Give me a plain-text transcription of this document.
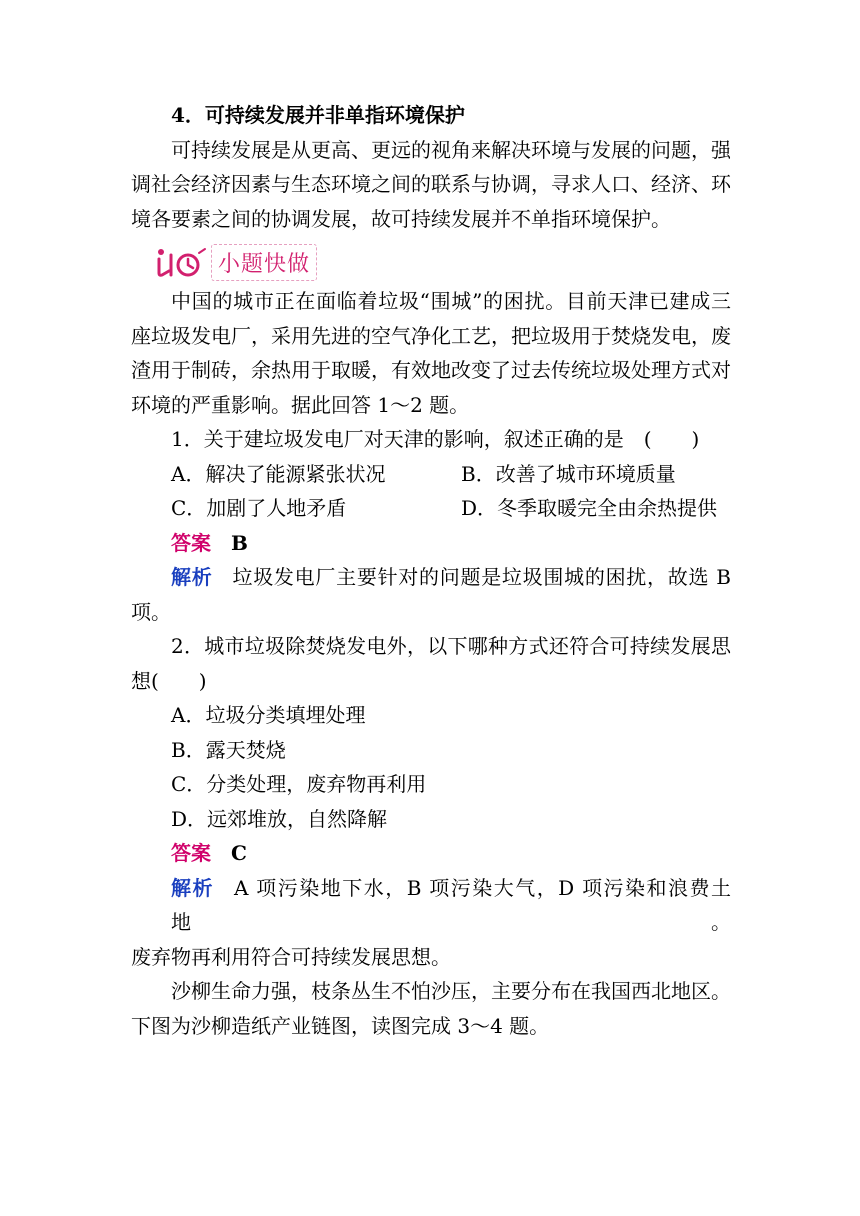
4．可持续发展并非单指环境保护

可持续发展是从更高、更远的视角来解决环境与发展的问题，强

调社会经济因素与生态环境之间的联系与协调，寻求人口、经济、环

境各要素之间的协调发展，故可持续发展并不单指环境保护。

小题快做

中国的城市正在面临着垃圾“围城”的困扰。目前天津已建成三

座垃圾发电厂，采用先进的空气净化工艺，把垃圾用于焚烧发电，废

渣用于制砖，余热用于取暖，有效地改变了过去传统垃圾处理方式对

环境的严重影响。据此回答 1～2 题。

1．关于建垃圾发电厂对天津的影响，叙述正确的是　(　　)

A．解决了能源紧张状况	B．改善了城市环境质量
C．加剧了人地矛盾	D．冬季取暖完全由余热提供

答案 B

解析 垃圾发电厂主要针对的问题是垃圾围城的困扰，故选 B

项。

2．城市垃圾除焚烧发电外，以下哪种方式还符合可持续发展思

想(　　)

A．垃圾分类填埋处理

B．露天焚烧

C．分类处理，废弃物再利用

D．远郊堆放，自然降解

答案 C

解析 A 项污染地下水，B 项污染大气，D 项污染和浪费土地。

废弃物再利用符合可持续发展思想。

沙柳生命力强，枝条丛生不怕沙压，主要分布在我国西北地区。

下图为沙柳造纸产业链图，读图完成 3～4 题。
